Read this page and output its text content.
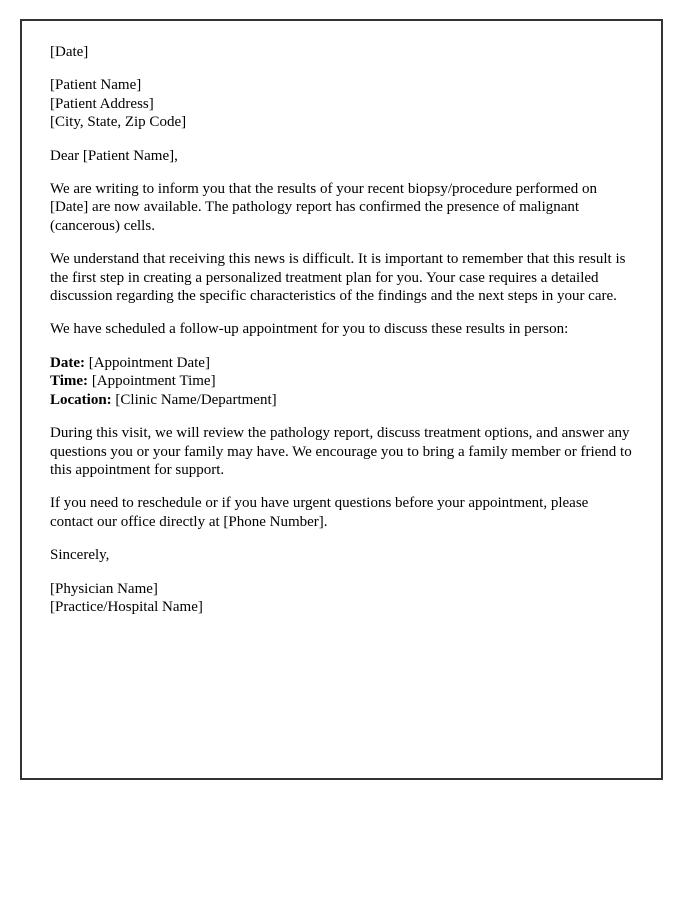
[Date]

[Patient Name]
[Patient Address]
[City, State, Zip Code]

Dear [Patient Name],

We are writing to inform you that the results of your recent biopsy/procedure performed on [Date] are now available. The pathology report has confirmed the presence of malignant (cancerous) cells.

We understand that receiving this news is difficult. It is important to remember that this result is the first step in creating a personalized treatment plan for you. Your case requires a detailed discussion regarding the specific characteristics of the findings and the next steps in your care.

We have scheduled a follow-up appointment for you to discuss these results in person:

Date: [Appointment Date]
Time: [Appointment Time]
Location: [Clinic Name/Department]

During this visit, we will review the pathology report, discuss treatment options, and answer any questions you or your family may have. We encourage you to bring a family member or friend to this appointment for support.

If you need to reschedule or if you have urgent questions before your appointment, please contact our office directly at [Phone Number].

Sincerely,

[Physician Name]
[Practice/Hospital Name]
